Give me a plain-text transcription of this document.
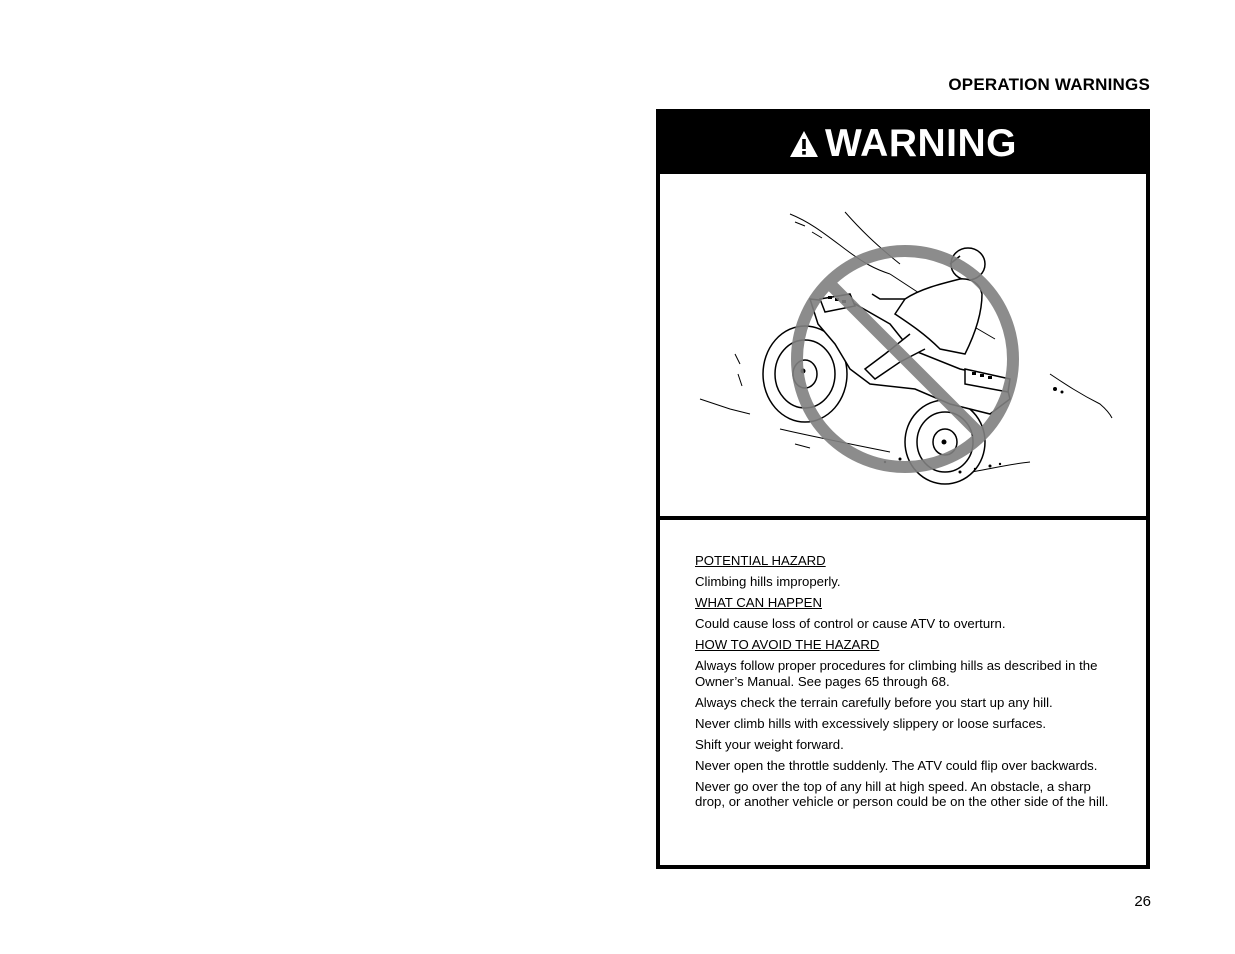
OPERATION WARNINGS
WARNING

POTENTIAL HAZARD

Climbing hills improperly.

WHAT CAN HAPPEN

Could cause loss of control or cause ATV to overturn.

HOW TO AVOID THE HAZARD

Always follow proper procedures for climbing hills as described in the Owner’s Manual. See pages 65 through 68.

Always check the terrain carefully before you start up any hill.

Never climb hills with excessively slippery or loose surfaces.

Shift your weight forward.

Never open the throttle suddenly. The ATV could flip over backwards.

Never go over the top of any hill at high speed. An obstacle, a sharp drop, or another vehicle or person could be on the other side of the hill.

26
